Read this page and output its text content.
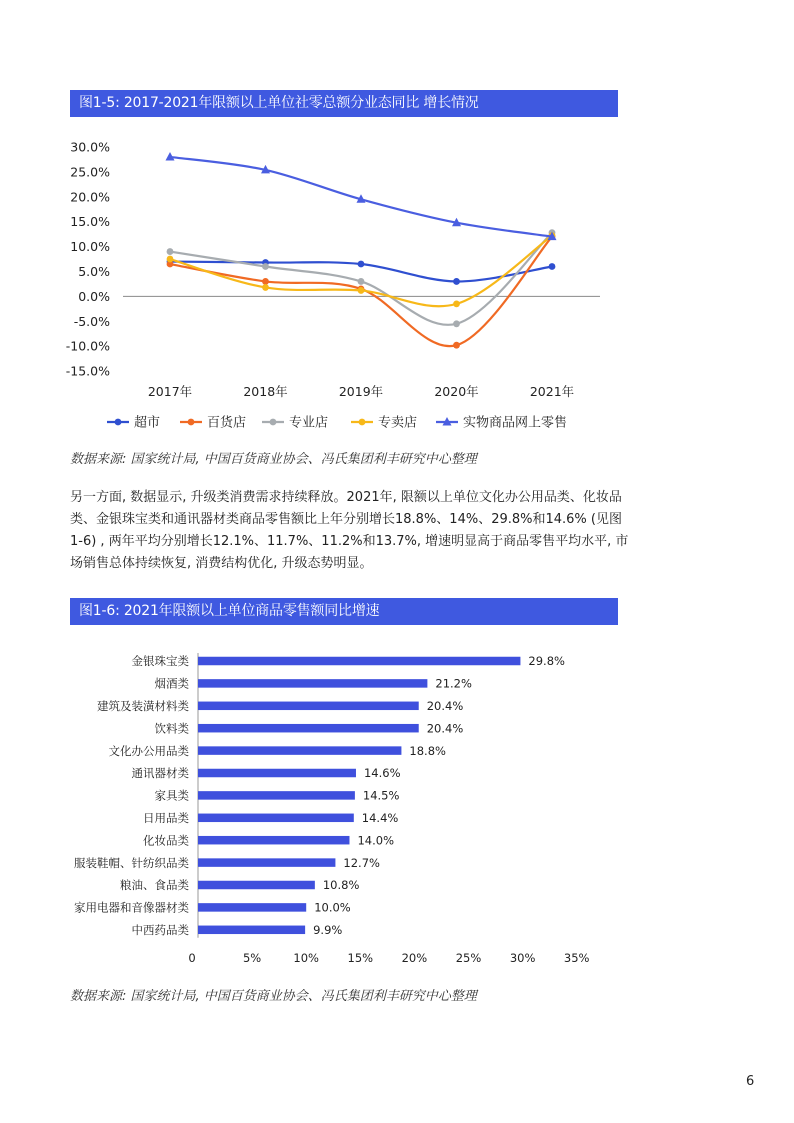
图1-5: 2017-2021年限额以上单位社零总额分业态同比 增长情况
30.0%
25.0%
20.0%
15.0%
10.0%
5.0%
0.0%
-5.0%
-10.0%
-15.0%
2017年	2018年	2019年	2020年	2021年
超市	百货店	专业店	专卖店	实物商品网上零售
数据来源: 国家统计局, 中国百货商业协会、冯氏集团利丰研究中心整理

另一方面, 数据显示, 升级类消费需求持续释放。2021年, 限额以上单位文化办公用品类、化妆品类、金银珠宝类和通讯器材类商品零售额比上年分别增长18.8%、14%、29.8%和14.6% (见图1-6) , 两年平均分别增长12.1%、11.7%、11.2%和13.7%, 增速明显高于商品零售平均水平, 市场销售总体持续恢复, 消费结构优化, 升级态势明显。

图1-6: 2021年限额以上单位商品零售额同比增速
金银珠宝类	29.8%
烟酒类	21.2%
建筑及装潢材料类	20.4%
饮料类	20.4%
文化办公用品类	18.8%
通讯器材类	14.6%
家具类	14.5%
日用品类	14.4%
化妆品类	14.0%
服装鞋帽、针纺织品类	12.7%
粮油、食品类	10.8%
家用电器和音像器材类	10.0%
中西药品类	9.9%
0	5%	10% 15% 20% 25% 30% 35%
数据来源: 国家统计局, 中国百货商业协会、冯氏集团利丰研究中心整理
6
